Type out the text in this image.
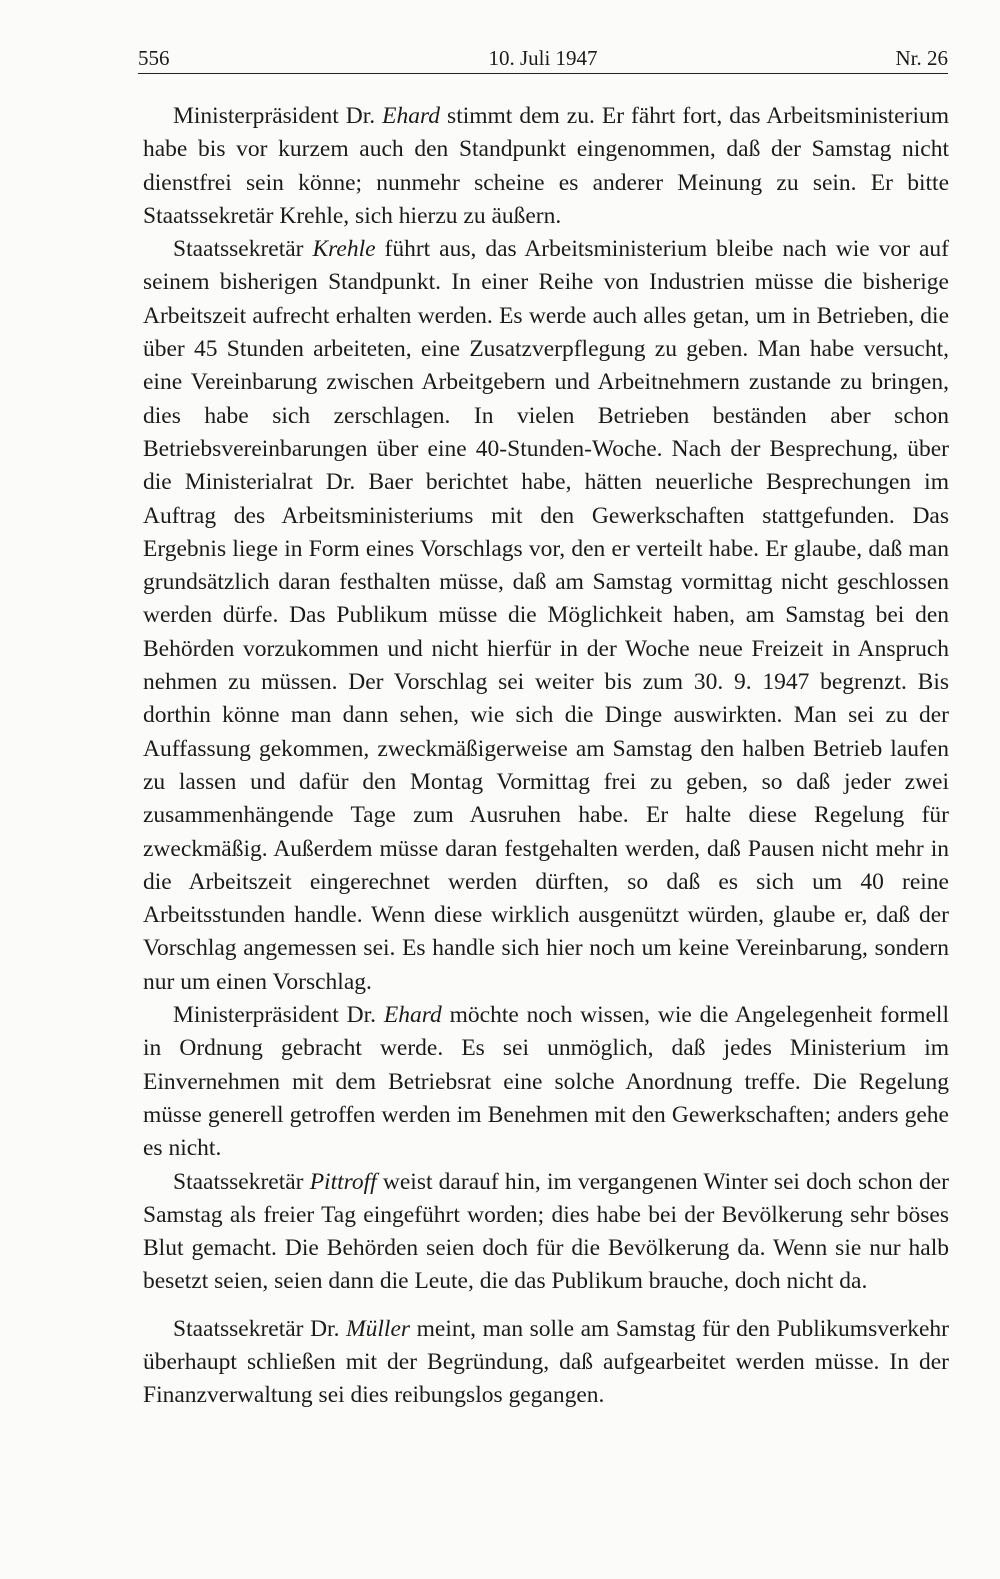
556	10. Juli 1947	Nr. 26

Ministerpräsident Dr. Ehard stimmt dem zu. Er fährt fort, das Arbeitsministerium habe bis vor kurzem auch den Standpunkt eingenommen, daß der Samstag nicht dienstfrei sein könne; nunmehr scheine es anderer Meinung zu sein. Er bitte Staatssekretär Krehle, sich hierzu zu äußern.

Staatssekretär Krehle führt aus, das Arbeitsministerium bleibe nach wie vor auf seinem bisherigen Standpunkt. In einer Reihe von Industrien müsse die bisherige Arbeitszeit aufrecht erhalten werden. Es werde auch alles getan, um in Betrieben, die über 45 Stunden arbeiteten, eine Zusatzverpflegung zu geben. Man habe versucht, eine Vereinbarung zwischen Arbeitgebern und Arbeitnehmern zustande zu bringen, dies habe sich zerschlagen. In vielen Betrieben beständen aber schon Betriebsvereinbarungen über eine 40-Stunden-Woche. Nach der Besprechung, über die Ministerialrat Dr. Baer berichtet habe, hätten neuerliche Besprechungen im Auftrag des Arbeitsministeriums mit den Gewerkschaften stattgefunden. Das Ergebnis liege in Form eines Vorschlags vor, den er verteilt habe. Er glaube, daß man grundsätzlich daran festhalten müsse, daß am Samstag vormittag nicht geschlossen werden dürfe. Das Publikum müsse die Möglichkeit haben, am Samstag bei den Behörden vorzukommen und nicht hierfür in der Woche neue Freizeit in Anspruch nehmen zu müssen. Der Vorschlag sei weiter bis zum 30. 9. 1947 begrenzt. Bis dorthin könne man dann sehen, wie sich die Dinge auswirkten. Man sei zu der Auffassung gekommen, zweckmäßigerweise am Samstag den halben Betrieb laufen zu lassen und dafür den Montag Vormittag frei zu geben, so daß jeder zwei zusammenhängende Tage zum Ausruhen habe. Er halte diese Regelung für zweckmäßig. Außerdem müsse daran festgehalten werden, daß Pausen nicht mehr in die Arbeitszeit eingerechnet werden dürften, so daß es sich um 40 reine Arbeitsstunden handle. Wenn diese wirklich ausgenützt würden, glaube er, daß der Vorschlag angemessen sei. Es handle sich hier noch um keine Vereinbarung, sondern nur um einen Vorschlag.

Ministerpräsident Dr. Ehard möchte noch wissen, wie die Angelegenheit formell in Ordnung gebracht werde. Es sei unmöglich, daß jedes Ministerium im Einvernehmen mit dem Betriebsrat eine solche Anordnung treffe. Die Regelung müsse generell getroffen werden im Benehmen mit den Gewerkschaften; anders gehe es nicht.

Staatssekretär Pittroff weist darauf hin, im vergangenen Winter sei doch schon der Samstag als freier Tag eingeführt worden; dies habe bei der Bevölkerung sehr böses Blut gemacht. Die Behörden seien doch für die Bevölkerung da. Wenn sie nur halb besetzt seien, seien dann die Leute, die das Publikum brauche, doch nicht da.

Staatssekretär Dr. Müller meint, man solle am Samstag für den Publikumsverkehr überhaupt schließen mit der Begründung, daß aufgearbeitet werden müsse. In der Finanzverwaltung sei dies reibungslos gegangen.
